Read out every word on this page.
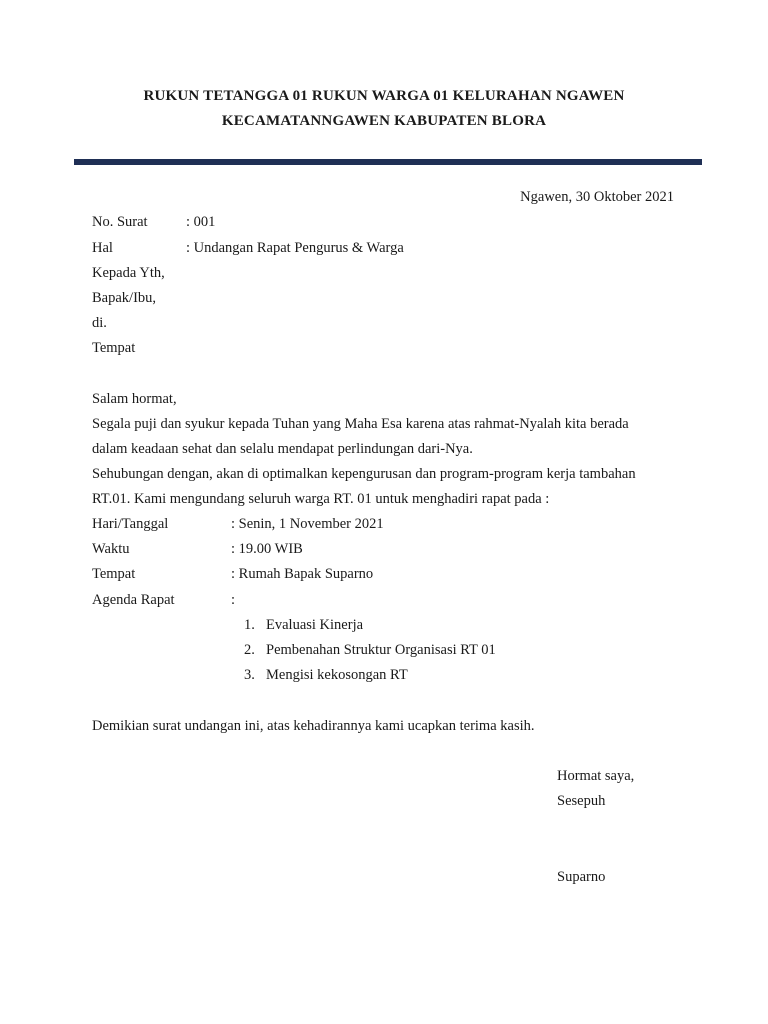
RUKUN TETANGGA 01 RUKUN WARGA 01 KELURAHAN NGAWEN
KECAMATANNGAWEN KABUPATEN BLORA
Ngawen, 30 Oktober 2021
No. Surat	: 001
Hal	: Undangan Rapat Pengurus & Warga
Kepada Yth,
Bapak/Ibu,
di.
Tempat
Salam hormat,
Segala puji dan syukur kepada Tuhan yang Maha Esa karena atas rahmat-Nyalah kita berada
dalam keadaan sehat dan selalu mendapat perlindungan dari-Nya.
Sehubungan dengan, akan di optimalkan kepengurusan dan program-program kerja tambahan
RT.01. Kami mengundang seluruh warga RT. 01 untuk menghadiri rapat pada :
Hari/Tanggal	: Senin, 1 November 2021
Waktu	: 19.00 WIB
Tempat	: Rumah Bapak Suparno
Agenda Rapat	:
1. Evaluasi Kinerja
2. Pembenahan Struktur Organisasi RT 01
3. Mengisi kekosongan RT
Demikian surat undangan ini, atas kehadirannya kami ucapkan terima kasih.
Hormat saya,
Sesepuh
Suparno
